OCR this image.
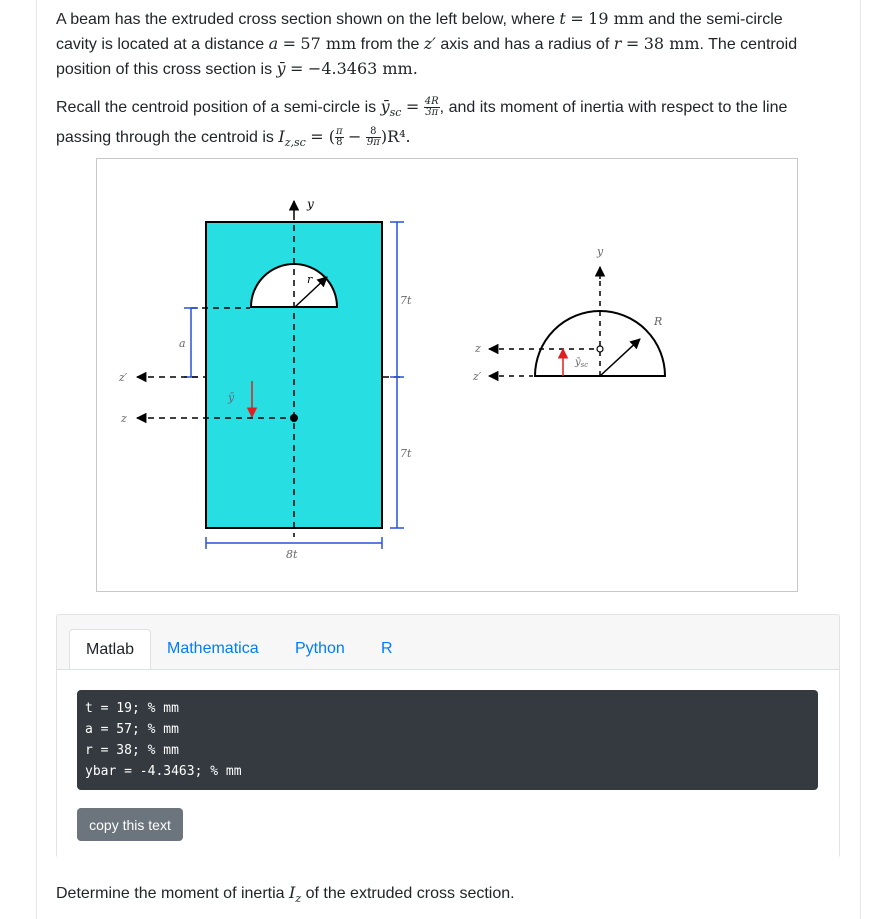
A beam has the extruded cross section shown on the left below, where t = 19 mm and the semi-circle
cavity is located at a distance a = 57 mm from the z′ axis and has a radius of r = 38 mm. The centroid
position of this cross section is ȳ = −4.3463 mm.
Recall the centroid position of a semi-circle is $ȳ_{sc} = \frac{4R}{3\pi}$ , and its moment of inertia with respect to the line
passing through the centroid is $I_{z,sc}$ = ( $\frac{\pi}{8} - \frac{8}{9\pi} )R^4$.
r
y
a
z′
z
ȳ
7t
7t
8t
R
y
z
z′
$ȳ_{sc}$
Matlab	Mathematica	Python	R
t = 19; % mm
a = 57; % mm
r = 38; % mm
ybar = -4.3463; % mm
copy this text
Determine the moment of inertia $I_z$ of the extruded cross section.
